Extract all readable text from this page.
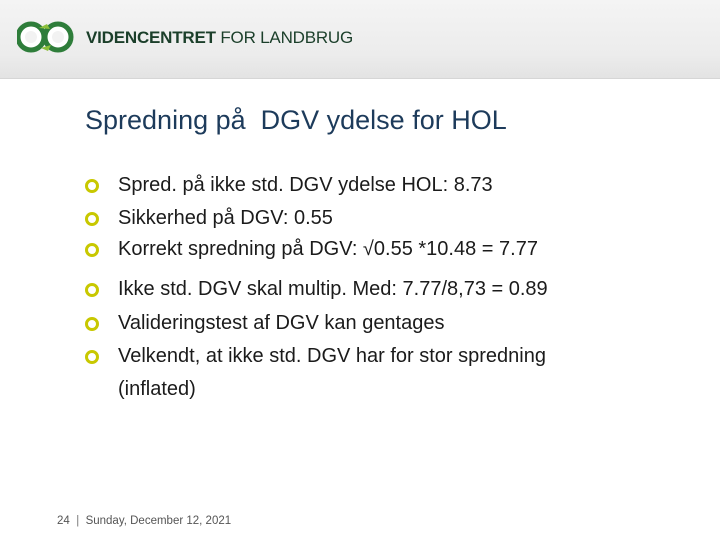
VIDENCENTRET FOR LANDBRUG
Spredning på  DGV ydelse for HOL
Spred. på ikke std. DGV ydelse HOL: 8.73
Sikkerhed på DGV: 0.55
Korrekt spredning på DGV: √0.55 *10.48 = 7.77
Ikke std. DGV skal multip. Med: 7.77/8,73 = 0.89
Valideringstest af DGV kan gentages
Velkendt, at ikke std. DGV har for stor spredning
(inflated)
24 | Sunday, December 12, 2021
